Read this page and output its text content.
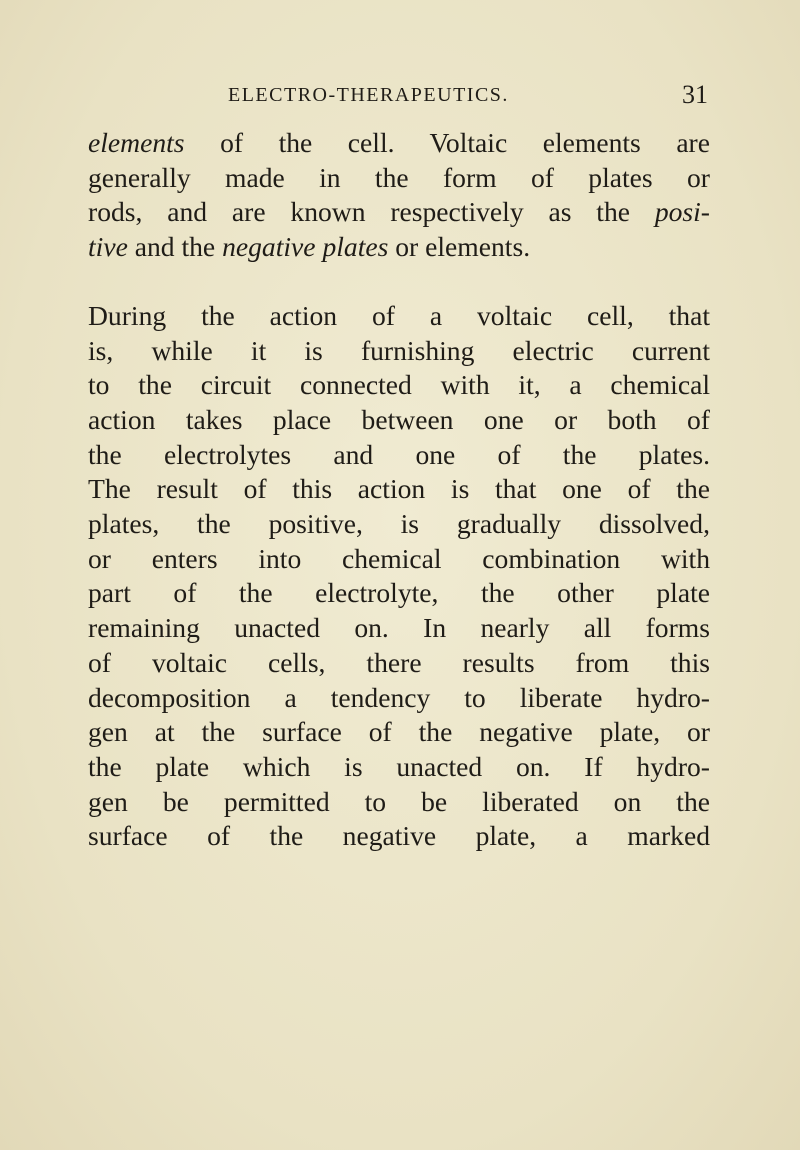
ELECTRO-THERAPEUTICS.	31

elements of the cell. Voltaic elements are
generally made in the form of plates or
rods, and are known respectively as the posi-
tive and the negative plates or elements.

During the action of a voltaic cell, that
is, while it is furnishing electric current
to the circuit connected with it, a chemical
action takes place between one or both of
the electrolytes and one of the plates.
The result of this action is that one of the
plates, the positive, is gradually dissolved,
or enters into chemical combination with
part of the electrolyte, the other plate
remaining unacted on. In nearly all forms
of voltaic cells, there results from this
decomposition a tendency to liberate hydro-
gen at the surface of the negative plate, or
the plate which is unacted on. If hydro-
gen be permitted to be liberated on the
surface of the negative plate, a marked
